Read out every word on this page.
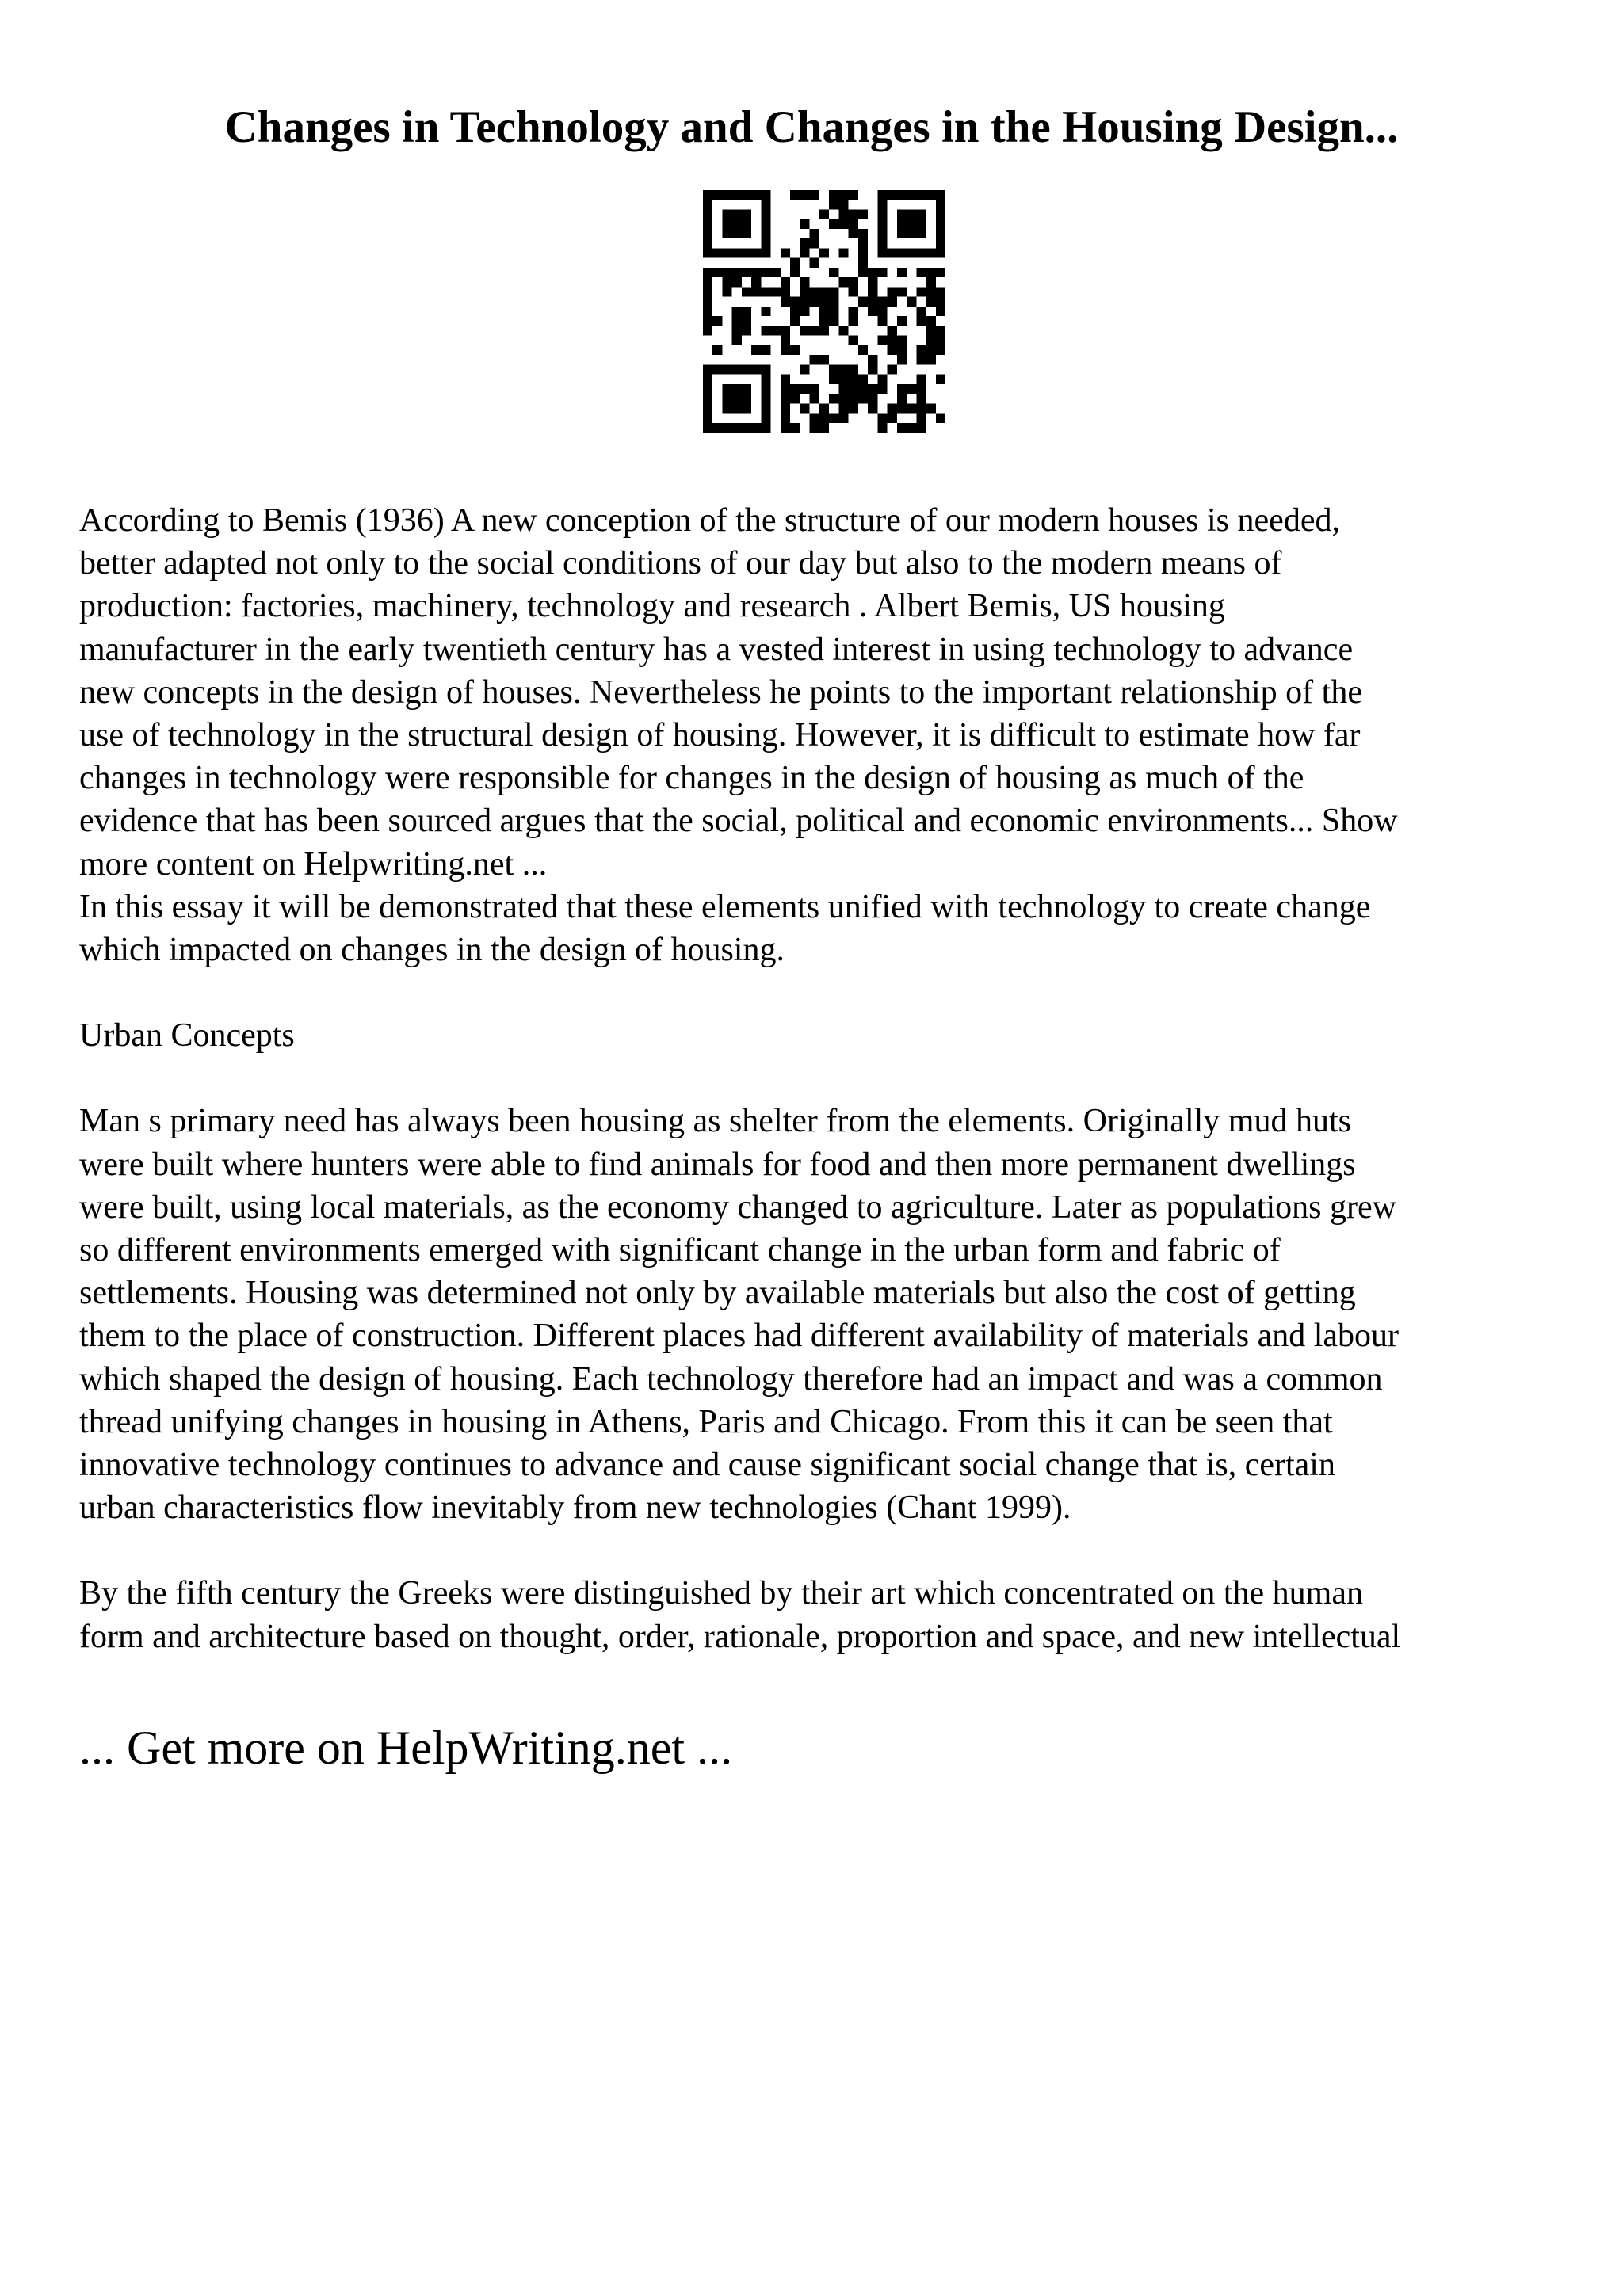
Changes in Technology and Changes in the Housing Design...

According to Bemis (1936) A new conception of the structure of our modern houses is needed,
better adapted not only to the social conditions of our day but also to the modern means of
production: factories, machinery, technology and research . Albert Bemis, US housing
manufacturer in the early twentieth century has a vested interest in using technology to advance
new concepts in the design of houses. Nevertheless he points to the important relationship of the
use of technology in the structural design of housing. However, it is difficult to estimate how far
changes in technology were responsible for changes in the design of housing as much of the
evidence that has been sourced argues that the social, political and economic environments... Show
more content on Helpwriting.net ...

In this essay it will be demonstrated that these elements unified with technology to create change
which impacted on changes in the design of housing.

Urban Concepts

Man s primary need has always been housing as shelter from the elements. Originally mud huts
were built where hunters were able to find animals for food and then more permanent dwellings
were built, using local materials, as the economy changed to agriculture. Later as populations grew
so different environments emerged with significant change in the urban form and fabric of
settlements. Housing was determined not only by available materials but also the cost of getting
them to the place of construction. Different places had different availability of materials and labour
which shaped the design of housing. Each technology therefore had an impact and was a common
thread unifying changes in housing in Athens, Paris and Chicago. From this it can be seen that
innovative technology continues to advance and cause significant social change that is, certain
urban characteristics flow inevitably from new technologies (Chant 1999).

By the fifth century the Greeks were distinguished by their art which concentrated on the human
form and architecture based on thought, order, rationale, proportion and space, and new intellectual

... Get more on HelpWriting.net ...
